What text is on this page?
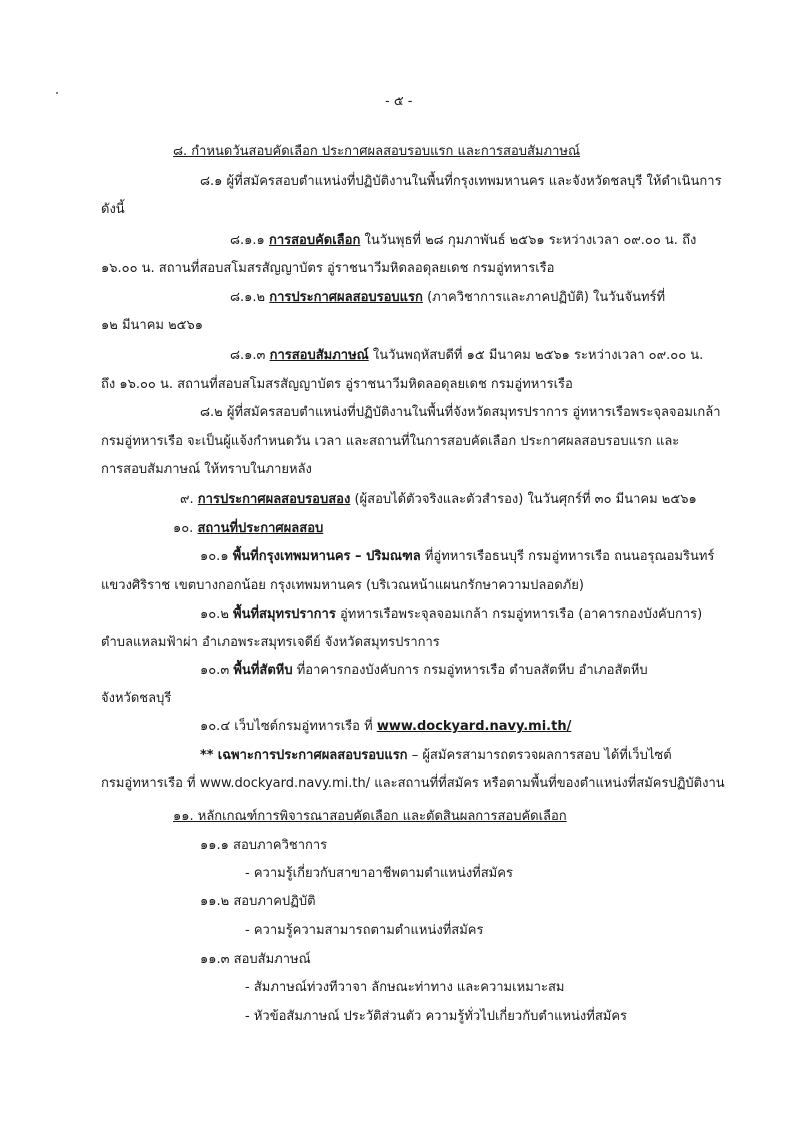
- ๕ -
๘. กำหนดวันสอบคัดเลือก ประกาศผลสอบรอบแรก และการสอบสัมภาษณ์
๘.๑ ผู้ที่สมัครสอบตำแหน่งที่ปฏิบัติงานในพื้นที่กรุงเทพมหานคร และจังหวัดชลบุรี ให้ดำเนินการ
ดังนี้
๘.๑.๑ การสอบคัดเลือก ในวันพุธที่ ๒๘ กุมภาพันธ์ ๒๕๖๑ ระหว่างเวลา ๐๙.๐๐ น. ถึง
๑๖.๐๐ น. สถานที่สอบสโมสรสัญญาบัตร อู่ราชนาวีมหิดลอดุลยเดช กรมอู่ทหารเรือ
๘.๑.๒ การประกาศผลสอบรอบแรก (ภาควิชาการและภาคปฏิบัติ) ในวันจันทร์ที่
๑๒ มีนาคม ๒๕๖๑
๘.๑.๓ การสอบสัมภาษณ์ ในวันพฤหัสบดีที่ ๑๕ มีนาคม ๒๕๖๑ ระหว่างเวลา ๐๙.๐๐ น.
ถึง ๑๖.๐๐ น. สถานที่สอบสโมสรสัญญาบัตร อู่ราชนาวีมหิดลอดุลยเดช กรมอู่ทหารเรือ
๘.๒ ผู้ที่สมัครสอบตำแหน่งที่ปฏิบัติงานในพื้นที่จังหวัดสมุทรปราการ อู่ทหารเรือพระจุลจอมเกล้า
กรมอู่ทหารเรือ จะเป็นผู้แจ้งกำหนดวัน เวลา และสถานที่ในการสอบคัดเลือก ประกาศผลสอบรอบแรก และ
การสอบสัมภาษณ์ ให้ทราบในภายหลัง
๙. การประกาศผลสอบรอบสอง (ผู้สอบได้ตัวจริงและตัวสำรอง) ในวันศุกร์ที่ ๓๐ มีนาคม ๒๕๖๑
๑๐. สถานที่ประกาศผลสอบ
๑๐.๑ พื้นที่กรุงเทพมหานคร – ปริมณฑล ที่อู่ทหารเรือธนบุรี กรมอู่ทหารเรือ ถนนอรุณอมรินทร์
แขวงศิริราช เขตบางกอกน้อย กรุงเทพมหานคร (บริเวณหน้าแผนกรักษาความปลอดภัย)
๑๐.๒ พื้นที่สมุทรปราการ อู่ทหารเรือพระจุลจอมเกล้า กรมอู่ทหารเรือ (อาคารกองบังคับการ)
ตำบลแหลมฟ้าผ่า อำเภอพระสมุทรเจดีย์ จังหวัดสมุทรปราการ
๑๐.๓ พื้นที่สัตหีบ ที่อาคารกองบังคับการ กรมอู่ทหารเรือ ตำบลสัตหีบ อำเภอสัตหีบ
จังหวัดชลบุรี
๑๐.๔ เว็บไซต์กรมอู่ทหารเรือ ที่ www.dockyard.navy.mi.th/
** เฉพาะการประกาศผลสอบรอบแรก – ผู้สมัครสามารถตรวจผลการสอบ ได้ที่เว็บไซต์
กรมอู่ทหารเรือ ที่ www.dockyard.navy.mi.th/ และสถานที่ที่สมัคร หรือตามพื้นที่ของตำแหน่งที่สมัครปฏิบัติงาน
๑๑. หลักเกณฑ์การพิจารณาสอบคัดเลือก และตัดสินผลการสอบคัดเลือก
๑๑.๑ สอบภาควิชาการ
- ความรู้เกี่ยวกับสาขาอาชีพตามตำแหน่งที่สมัคร
๑๑.๒ สอบภาคปฏิบัติ
- ความรู้ความสามารถตามตำแหน่งที่สมัคร
๑๑.๓ สอบสัมภาษณ์
- สัมภาษณ์ท่วงทีวาจา ลักษณะท่าทาง และความเหมาะสม
- หัวข้อสัมภาษณ์ ประวัติส่วนตัว ความรู้ทั่วไปเกี่ยวกับตำแหน่งที่สมัคร
